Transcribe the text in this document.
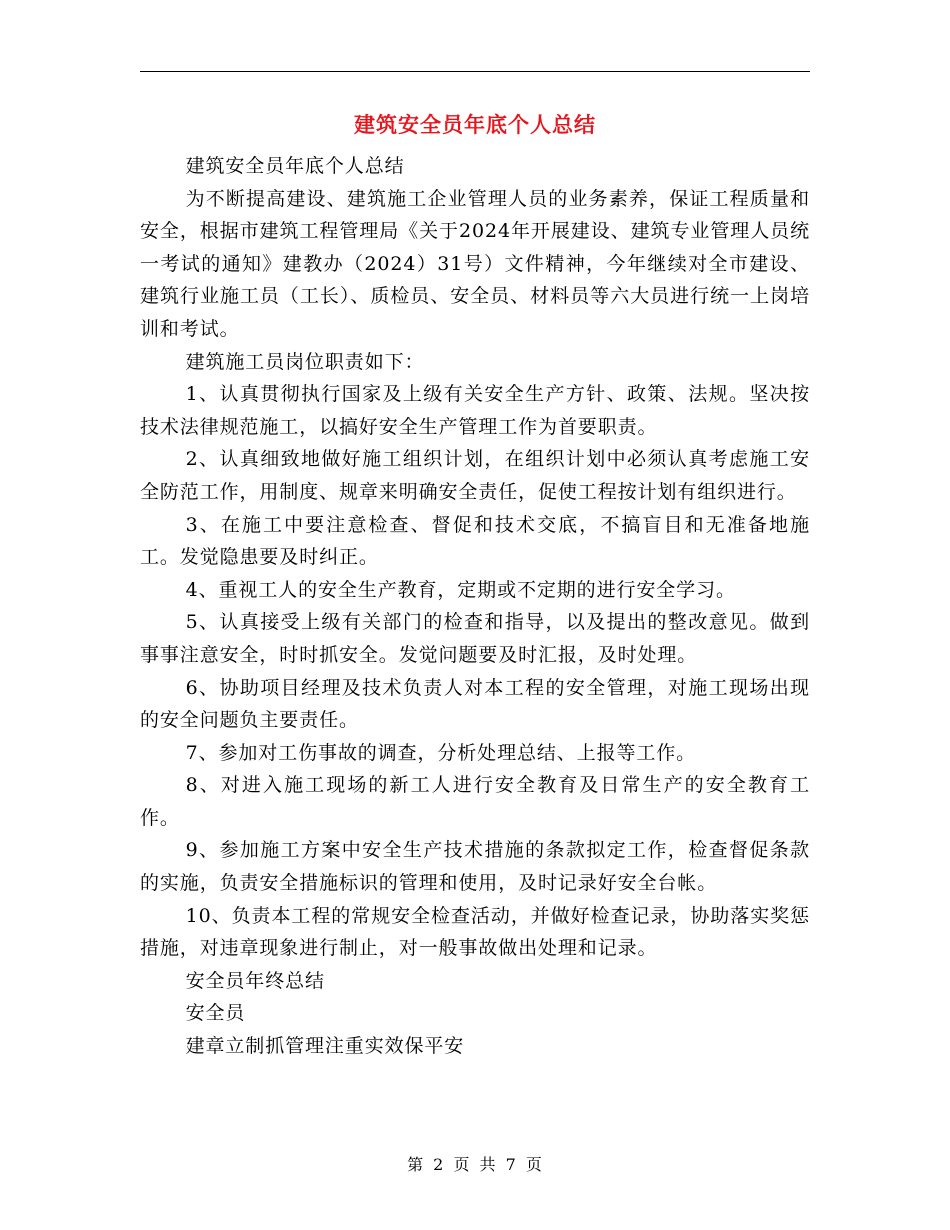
建筑安全员年底个人总结

建筑安全员年底个人总结

为不断提高建设、建筑施工企业管理人员的业务素养，保证工程质量和安全，根据市建筑工程管理局《关于2024年开展建设、建筑专业管理人员统一考试的通知》建教办（2024）31号）文件精神，今年继续对全市建设、建筑行业施工员（工长）、质检员、安全员、材料员等六大员进行统一上岗培训和考试。

建筑施工员岗位职责如下：

1、认真贯彻执行国家及上级有关安全生产方针、政策、法规。坚决按技术法律规范施工，以搞好安全生产管理工作为首要职责。

2、认真细致地做好施工组织计划，在组织计划中必须认真考虑施工安全防范工作，用制度、规章来明确安全责任，促使工程按计划有组织进行。

3、在施工中要注意检查、督促和技术交底，不搞盲目和无准备地施工。发觉隐患要及时纠正。

4、重视工人的安全生产教育，定期或不定期的进行安全学习。

5、认真接受上级有关部门的检查和指导，以及提出的整改意见。做到事事注意安全，时时抓安全。发觉问题要及时汇报，及时处理。

6、协助项目经理及技术负责人对本工程的安全管理，对施工现场出现的安全问题负主要责任。

7、参加对工伤事故的调查，分析处理总结、上报等工作。

8、对进入施工现场的新工人进行安全教育及日常生产的安全教育工作。

9、参加施工方案中安全生产技术措施的条款拟定工作，检查督促条款的实施，负责安全措施标识的管理和使用，及时记录好安全台帐。

10、负责本工程的常规安全检查活动，并做好检查记录，协助落实奖惩措施，对违章现象进行制止，对一般事故做出处理和记录。

安全员年终总结

安全员

建章立制抓管理注重实效保平安

第 2 页 共 7 页
